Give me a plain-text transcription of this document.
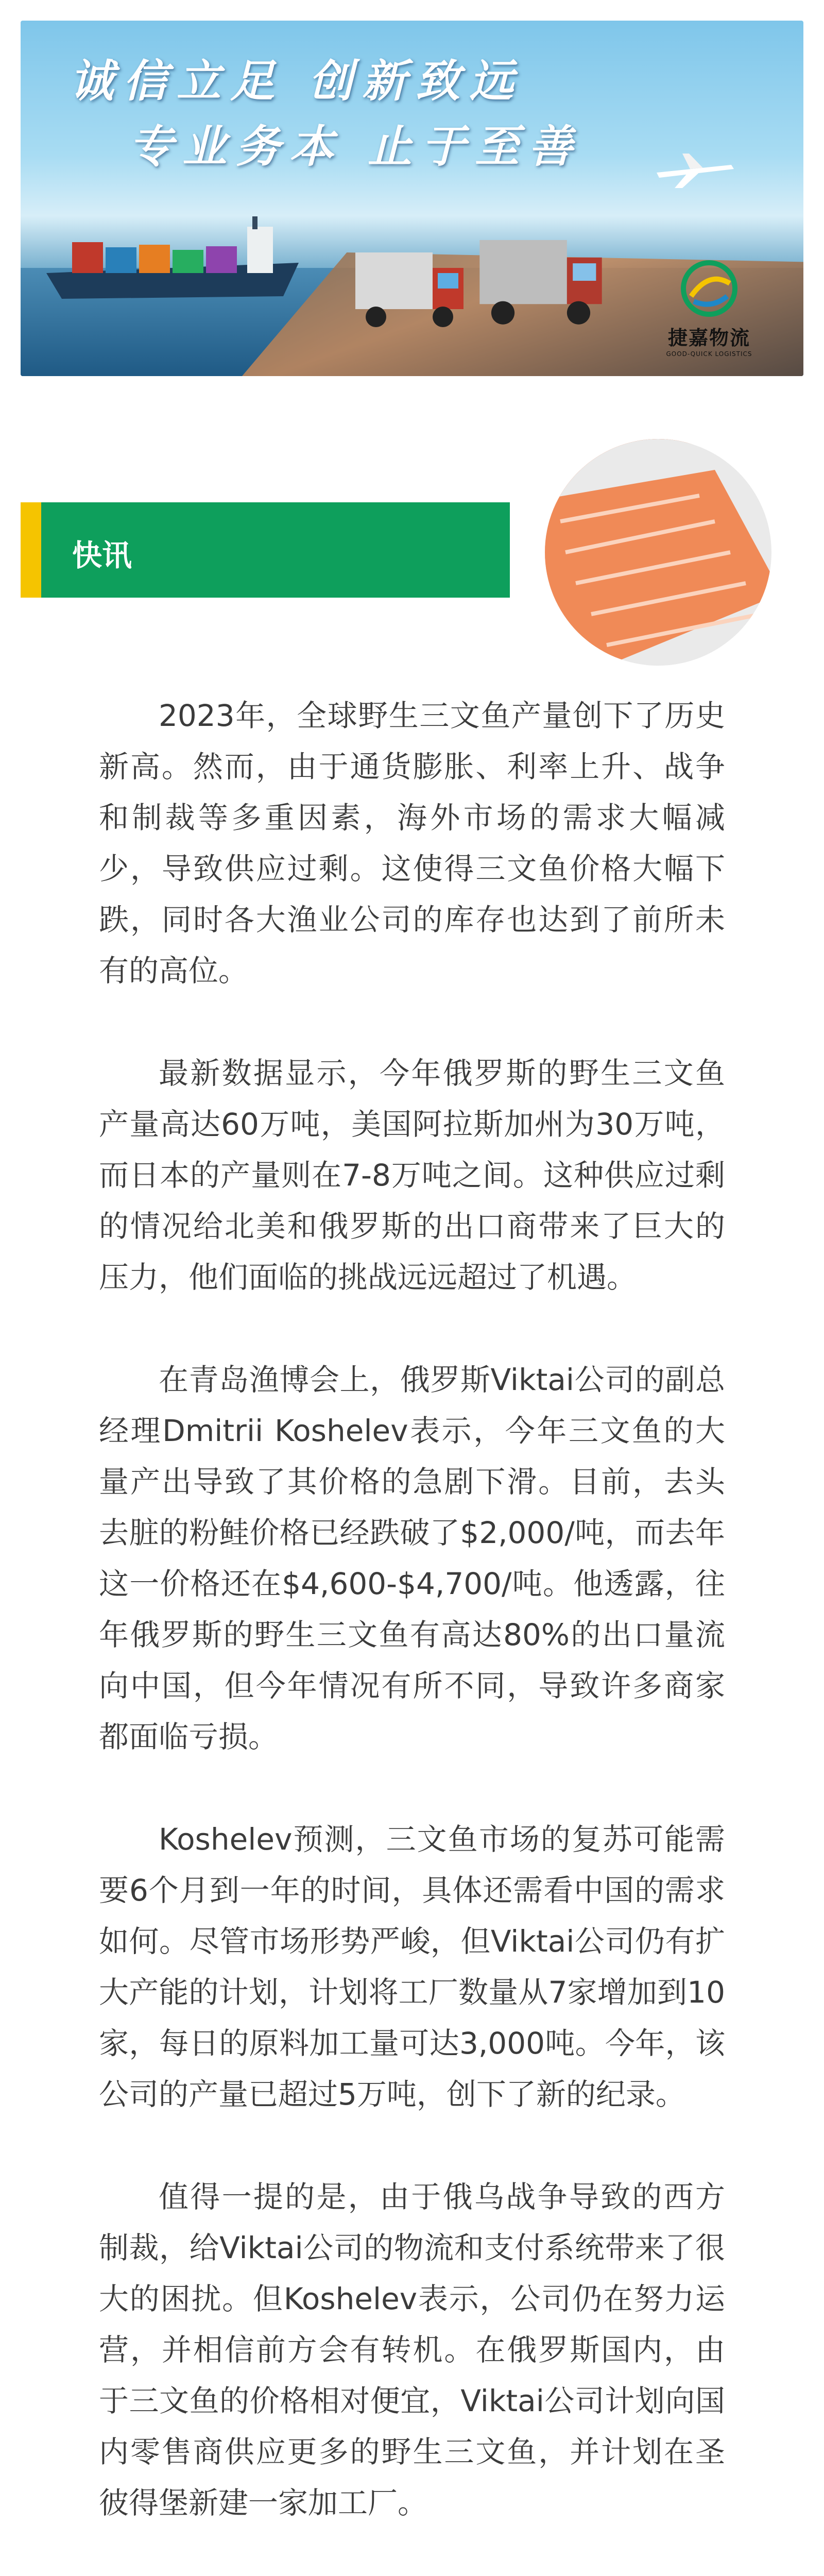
诚信立足 创新致远
专业务本 止于至善
捷嘉物流
GOOD-QUICK LOGISTICS
快讯

2023年，全球野生三文鱼产量创下了历史新高。然而，由于通货膨胀、利率上升、战争和制裁等多重因素，海外市场的需求大幅减少，导致供应过剩。这使得三文鱼价格大幅下跌，同时各大渔业公司的库存也达到了前所未有的高位。

最新数据显示，今年俄罗斯的野生三文鱼产量高达60万吨，美国阿拉斯加州为30万吨，而日本的产量则在7-8万吨之间。这种供应过剩的情况给北美和俄罗斯的出口商带来了巨大的压力，他们面临的挑战远远超过了机遇。

在青岛渔博会上，俄罗斯Viktai公司的副总经理Dmitrii Koshelev表示，今年三文鱼的大量产出导致了其价格的急剧下滑。目前，去头去脏的粉鲑价格已经跌破了$2,000/吨，而去年这一价格还在$4,600-$4,700/吨。他透露，往年俄罗斯的野生三文鱼有高达80%的出口量流向中国，但今年情况有所不同，导致许多商家都面临亏损。

Koshelev预测，三文鱼市场的复苏可能需要6个月到一年的时间，具体还需看中国的需求如何。尽管市场形势严峻，但Viktai公司仍有扩大产能的计划，计划将工厂数量从7家增加到10家，每日的原料加工量可达3,000吨。今年，该公司的产量已超过5万吨，创下了新的纪录。

值得一提的是，由于俄乌战争导致的西方制裁，给Viktai公司的物流和支付系统带来了很大的困扰。但Koshelev表示，公司仍在努力运营，并相信前方会有转机。在俄罗斯国内，由于三文鱼的价格相对便宜，Viktai公司计划向国内零售商供应更多的野生三文鱼，并计划在圣彼得堡新建一家加工厂。
